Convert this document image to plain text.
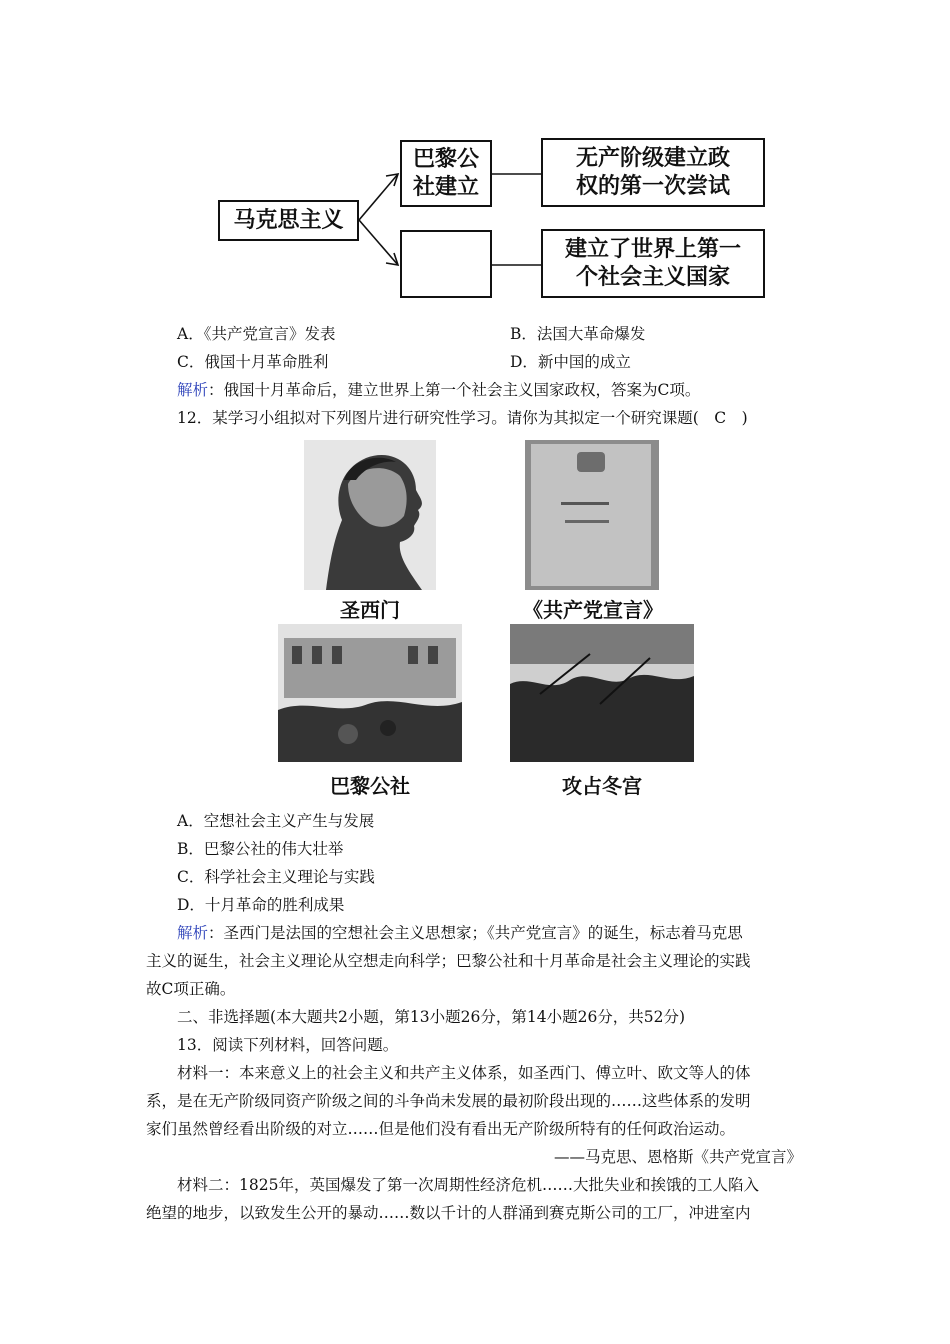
马克思主义
巴黎公
社建立
无产阶级建立政
权的第一次尝试
建立了世界上第一
个社会主义国家
A．《共产党宣言》发表	B．法国大革命爆发
C．俄国十月革命胜利	D．新中国的成立
解析：俄国十月革命后，建立世界上第一个社会主义国家政权，答案为C项。
12．某学习小组拟对下列图片进行研究性学习。请你为其拟定一个研究课题(　C　)
圣西门	《共产党宣言》
巴黎公社	攻占冬宫
A．空想社会主义产生与发展
B．巴黎公社的伟大壮举
C．科学社会主义理论与实践
D．十月革命的胜利成果
解析：圣西门是法国的空想社会主义思想家；《共产党宣言》的诞生，标志着马克思
主义的诞生，社会主义理论从空想走向科学；巴黎公社和十月革命是社会主义理论的实践
故C项正确。
二、非选择题(本大题共2小题，第13小题26分，第14小题26分，共52分)
13．阅读下列材料，回答问题。
材料一：本来意义上的社会主义和共产主义体系，如圣西门、傅立叶、欧文等人的体
系，是在无产阶级同资产阶级之间的斗争尚未发展的最初阶段出现的……这些体系的发明
家们虽然曾经看出阶级的对立……但是他们没有看出无产阶级所特有的任何政治运动。
——马克思、恩格斯《共产党宣言》
材料二：1825年，英国爆发了第一次周期性经济危机……大批失业和挨饿的工人陷入
绝望的地步，以致发生公开的暴动……数以千计的人群涌到赛克斯公司的工厂，冲进室内
